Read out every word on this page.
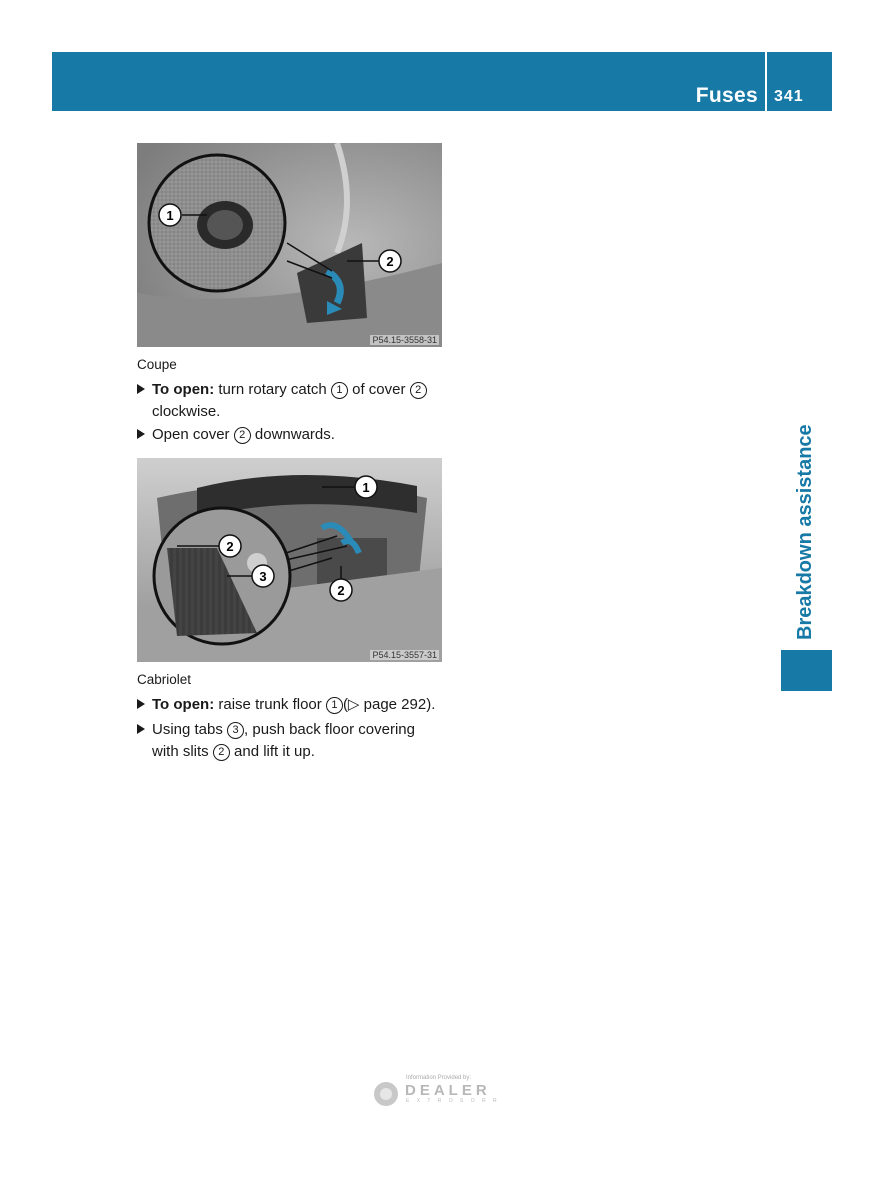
Fuses 341
Breakdown assistance
1
2
P54.15-3558-31
Coupe
To open: turn rotary catch 1 of cover 2
clockwise.
Open cover 2 downwards.
2
3
1
2
P54.15-3557-31
Cabriolet
To open: raise trunk floor 1 (▷ page 292).
Using tabs 3 , push back floor covering
with slits 2 and lift it up.
Information Provided by:
DEALER
E X T R O S O R R
